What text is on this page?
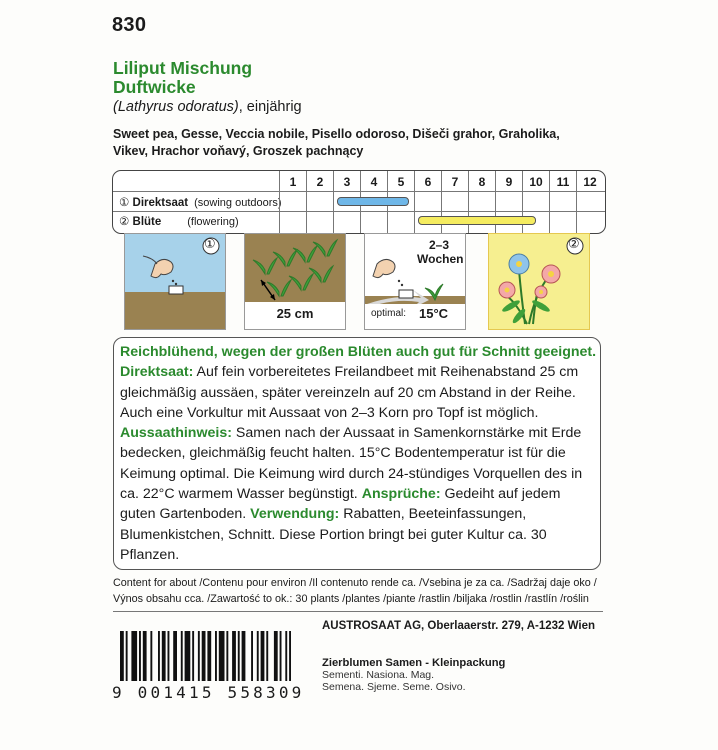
830
Liliput Mischung
Duftwicke
(Lathyrus odoratus), einjährig
Sweet pea, Gesse, Veccia nobile, Pisello odoroso, Dišeči grahor, Graholika, Vikev, Hrachor voňavý, Groszek pachnący
① Direktsaat (sowing outdoors)
② Blüte (flowering)
1	2	3	4	5	6	7	8	9	10	11	12
①
25 cm
2–3
Wochen
optimal: 15°C
②
Reichblühend, wegen der großen Blüten auch gut für Schnitt geeignet.
Direktsaat: Auf fein vorbereitetes Freilandbeet mit Reihenabstand 25 cm gleichmäßig aussäen, später vereinzeln auf 20 cm Abstand in der Reihe. Auch eine Vorkultur mit Aussaat von 2–3 Korn pro Topf ist möglich.
Aussaathinweis: Samen nach der Aussaat in Samenkornstärke mit Erde bedecken, gleichmäßig feucht halten. 15°C Bodentemperatur ist für die Keimung optimal. Die Keimung wird durch 24-stündiges Vorquellen des in ca. 22°C warmem Wasser begünstigt. Ansprüche: Gedeiht auf jedem guten Gartenboden. Verwendung: Rabatten, Beeteinfassungen, Blumenkistchen, Schnitt. Diese Portion bringt bei guter Kultur ca. 30 Pflanzen.
Content for about /Contenu pour environ /Il contenuto rende ca. /Vsebina je za ca. /Sadržaj daje oko /
Výnos obsahu cca. /Zawartość to ok.: 30 plants /plantes /piante /rastlin /biljaka /rostlin /rastlín /roślin
AUSTROSAAT AG, Oberlaaerstr. 279, A-1232 Wien
9 001415 558309
Zierblumen Samen - Kleinpackung
Sementi. Nasiona. Mag.
Semena. Sjeme. Seme. Osivo.
